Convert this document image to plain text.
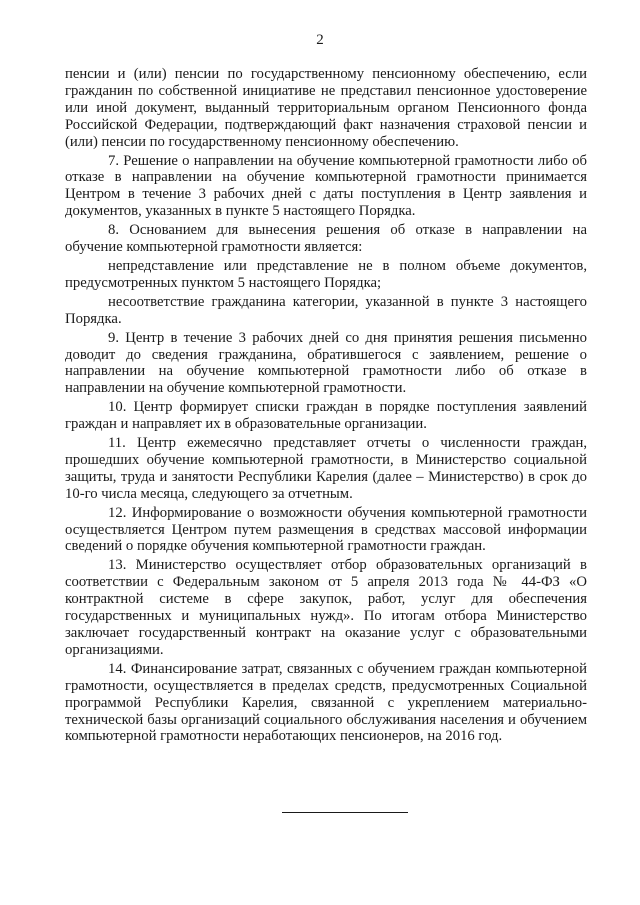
2

пенсии и (или) пенсии по государственному пенсионному обеспечению, если гражданин по собственной инициативе не представил пенсионное удостоверение или иной документ, выданный территориальным органом Пенсионного фонда Российской Федерации, подтверждающий факт назначения страховой пенсии и (или) пенсии по государственному пенсионному обеспечению.

7. Решение о направлении на обучение компьютерной грамотности либо об отказе в направлении на обучение компьютерной грамотности принимается Центром в течение 3 рабочих дней с даты поступления в Центр заявления и документов, указанных в пункте 5 настоящего Порядка.

8. Основанием для вынесения решения об отказе в направлении на обучение компьютерной грамотности является:

непредставление или представление не в полном объеме документов, предусмотренных пунктом 5 настоящего Порядка;

несоответствие гражданина категории, указанной в пункте 3 настоящего Порядка.

9. Центр в течение 3 рабочих дней со дня принятия решения письменно доводит до сведения гражданина, обратившегося с заявлением, решение о направлении на обучение компьютерной грамотности либо об отказе в направлении на обучение компьютерной грамотности.

10. Центр формирует списки граждан в порядке поступления заявлений граждан и направляет их в образовательные организации.

11. Центр ежемесячно представляет отчеты о численности граждан, прошедших обучение компьютерной грамотности, в Министерство социальной защиты, труда и занятости Республики Карелия (далее – Министерство) в срок до 10-го числа месяца, следующего за отчетным.

12. Информирование о возможности обучения компьютерной грамотности осуществляется Центром путем размещения в средствах массовой информации сведений о порядке обучения компьютерной грамотности граждан.

13. Министерство осуществляет отбор образовательных организаций в соответствии с Федеральным законом от 5 апреля 2013 года № 44-ФЗ «О контрактной системе в сфере закупок, работ, услуг для обеспечения государственных и муниципальных нужд». По итогам отбора Министерство заключает государственный контракт на оказание услуг с образовательными организациями.

14. Финансирование затрат, связанных с обучением граждан компьютерной грамотности, осуществляется в пределах средств, предусмотренных Социальной программой Республики Карелия, связанной с укреплением материально-технической базы организаций социального обслуживания населения и обучением компьютерной грамотности неработающих пенсионеров, на 2016 год.
